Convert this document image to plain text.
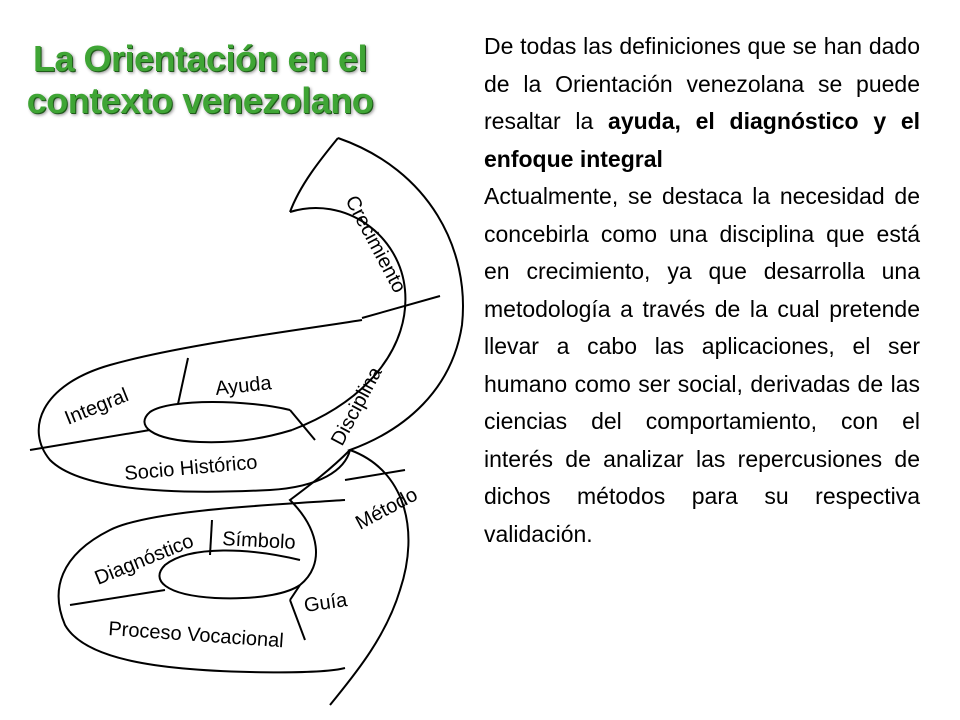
Crecimiento
Integral	Ayuda	Disciplina
Socio Histórico
Método
Diagnóstico Símbolo
Guía
Proceso Vocacional
La Orientación en el
contexto venezolano

De todas las definiciones que se han dado de la Orientación venezolana se puede resaltar la ayuda, el diagnóstico y el enfoque integral

Actualmente, se destaca la necesidad de concebirla como una disciplina que está en crecimiento, ya que desarrolla una metodología a través de la cual pretende llevar a cabo las aplicaciones, el ser humano como ser social, derivadas de las ciencias del comportamiento, con el interés de analizar las repercusiones de dichos métodos para su respectiva validación.
